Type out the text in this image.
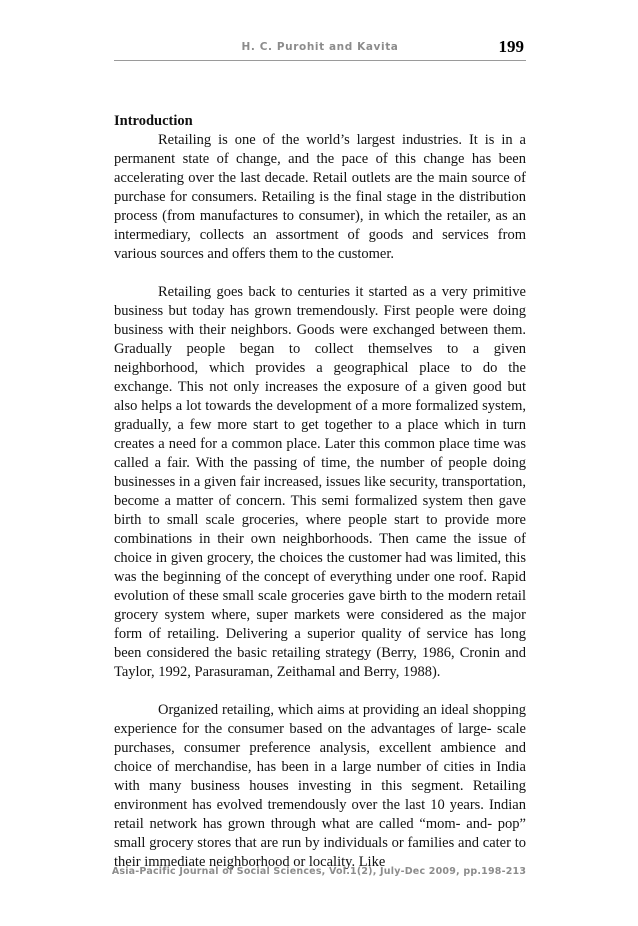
H. C. Purohit and Kavita	199
Introduction

Retailing is one of the world’s largest industries. It is in a permanent state of change, and the pace of this change has been accelerating over the last decade. Retail outlets are the main source of purchase for consumers. Retailing is the final stage in the distribution process (from manufactures to consumer), in which the retailer, as an intermediary, collects an assortment of goods and services from various sources and offers them to the customer.

Retailing goes back to centuries it started as a very primitive business but today has grown tremendously. First people were doing business with their neighbors. Goods were exchanged between them. Gradually people began to collect themselves to a given neighborhood, which provides a geographical place to do the exchange. This not only increases the exposure of a given good but also helps a lot towards the development of a more formalized system, gradually, a few more start to get together to a place which in turn creates a need for a common place. Later this common place time was called a fair. With the passing of time, the number of people doing businesses in a given fair increased, issues like security, transportation, become a matter of concern. This semi formalized system then gave birth to small scale groceries, where people start to provide more combinations in their own neighborhoods. Then came the issue of choice in given grocery, the choices the customer had was limited, this was the beginning of the concept of everything under one roof. Rapid evolution of these small scale groceries gave birth to the modern retail grocery system where, super markets were considered as the major form of retailing. Delivering a superior quality of service has long been considered the basic retailing strategy (Berry, 1986, Cronin and Taylor, 1992, Parasuraman, Zeithamal and Berry, 1988).

Organized retailing, which aims at providing an ideal shopping experience for the consumer based on the advantages of large- scale purchases, consumer preference analysis, excellent ambience and choice of merchandise, has been in a large number of cities in India with many business houses investing in this segment. Retailing environment has evolved tremendously over the last 10 years. Indian retail network has grown through what are called “mom- and- pop” small grocery stores that are run by individuals or families and cater to their immediate neighborhood or locality. Like

Asia-Pacific Journal of Social Sciences, Vol.1(2), July-Dec 2009, pp.198-213
